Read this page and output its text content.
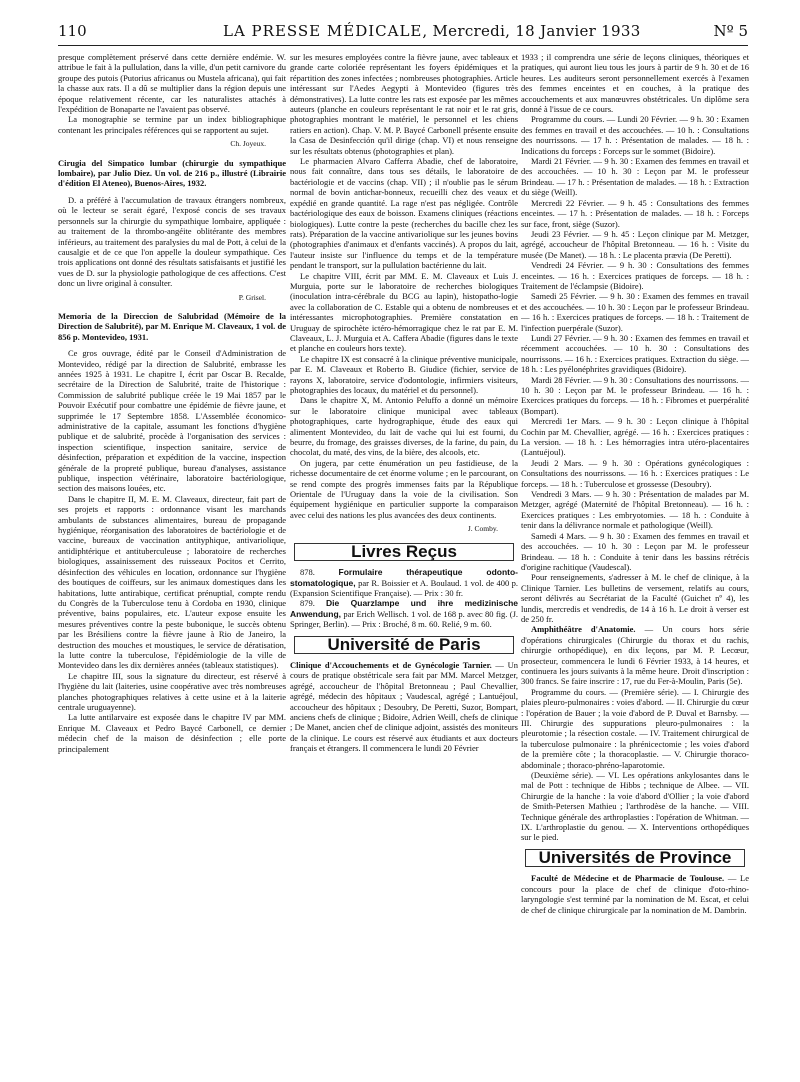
110	LA PRESSE MÉDICALE, Mercredi, 18 Janvier 1933	Nº 5

presque complètement préservé dans cette dernière endémie. W. attribue le fait à la pullulation, dans la ville, d'un petit carnivore du groupe des putois (Putorius africanus ou Mustela africana), qui fait la chasse aux rats. Il a dû se multiplier dans la région depuis une époque relativement récente, car les naturalistes attachés à l'expédition de Bonaparte ne l'avaient pas observé.

La monographie se termine par un index bibliographique contenant les principales références qui se rapportent au sujet.

Ch. Joyeux.

Cirugia del Simpatico lumbar (chirurgie du sympathique lombaire), par Julio Diez. Un vol. de 216 p., illustré (Librairie d'édition El Ateneo), Buenos-Aires, 1932.

D. a préféré à l'accumulation de travaux étrangers nombreux, où le lecteur se serait égaré, l'exposé concis de ses travaux personnels sur la chirurgie du sympathique lombaire, appliquée : au traitement de la thrombo-angéite oblitérante des membres inférieurs, au traitement des paralysies du mal de Pott, à celui de la causalgie et de ce que l'on appelle la douleur sympathique. Ces trois applications ont donné des résultats satisfaisants et justifié les vues de D. sur la physiologie pathologique de ces affections. C'est donc un livre original à consulter.

P. Grisel.

Memoria de la Direccion de Salubridad (Mémoire de la Direction de Salubrité), par M. Enrique M. Claveaux, 1 vol. de 856 p. Montevideo, 1931.

Ce gros ouvrage, édité par le Conseil d'Administration de Montevideo, rédigé par la direction de Salubrité, embrasse les années 1925 à 1931. Le chapitre I, écrit par Oscar B. Recalde, secrétaire de la Direction de Salubrité, traite de l'historique : Commission de salubrité publique créée le 19 Mai 1857 par le Pouvoir Exécutif pour combattre une épidémie de fièvre jaune, et supprimée le 17 Septembre 1858. L'Assemblée économico-administrative de la capitale, assumant les fonctions d'hygiène publique et de salubrité, procède à l'organisation des services : inspection scientifique, inspection sanitaire, service de désinfection, préparation et expédition de la vaccine, inspection générale de la propreté publique, bureau d'analyses, assistance publique, inspection vétérinaire, laboratoire bactériologique, section des maisons louées, etc.

Dans le chapitre II, M. E. M. Claveaux, directeur, fait part de ses projets et rapports : ordonnance visant les marchands ambulants de substances alimentaires, bureau de propagande hygiénique, réorganisation des laboratoires de bactériologie et de vaccine, bureaux de vaccination antityphique, antivariolique, antidiphtérique et antituberculeuse ; laboratoire de recherches biologiques, assainissement des ruisseaux Pocitos et Cerrito, désinfection des véhicules en location, ordonnance sur l'hygiène des boutiques de coiffeurs, sur les animaux domestiques dans les habitations, lutte antirabique, certificat prénuptial, compte rendu du Congrès de la Tuberculose tenu à Cordoba en 1930, clinique préventive, bains populaires, etc. L'auteur expose ensuite les mesures préventives contre la peste bubonique, le succès obtenu par les Brésiliens contre la fièvre jaune à Rio de Janeiro, la destruction des mouches et moustiques, le service de dératisation, la lutte contre la tuberculose, l'épidémiologie de la ville de Montevideo dans les dix dernières années (tableaux statistiques).

Le chapitre III, sous la signature du directeur, est réservé à l'hygiène du lait (laiteries, usine coopérative avec très nombreuses planches photographiques relatives à cette usine et à la laiterie centrale uruguayenne).

La lutte antilarvaire est exposée dans le chapitre IV par MM. Enrique M. Claveaux et Pedro Baycé Carbonell, ce dernier médecin chef de la maison de désinfection ; elle porte principalement

sur les mesures employées contre la fièvre jaune, avec tableaux et grande carte coloriée représentant les foyers épidémiques et la répartition des zones infectées ; nombreuses photographies. Article intéressant sur l'Aedes Aegypti à Montevideo (figures très démonstratives). La lutte contre les rats est exposée par les mêmes auteurs (planche en couleurs représentant le rat noir et le rat gris, photographies montrant le matériel, le personnel et les chiens ratiers en action). Chap. V. M. P. Baycé Carbonell présente ensuite la Casa de Desinfección qu'il dirige (chap. VI) et nous renseigne sur les résultats obtenus (photographies et plan).

Le pharmacien Alvaro Cafferra Abadie, chef de laboratoire, nous fait connaître, dans tous ses détails, le laboratoire de bactériologie et de vaccins (chap. VII) ; il n'oublie pas le sérum normal de bovin antichar-bonneux, recueilli chez des veaux et expédié en grande quantité. La rage n'est pas négligée. Contrôle bactériologique des eaux de boisson. Examens cliniques (réactions biologiques). Lutte contre la peste (recherches du bacille chez les rats). Préparation de la vaccine antivariolique sur les jeunes bovins (photographies d'animaux et d'enfants vaccinés). A propos du lait, l'auteur insiste sur l'influence du temps et de la température pendant le transport, sur la pullulation bactérienne du lait.

Le chapitre VIII, écrit par MM. E. M. Claveaux et Luis J. Murguia, porte sur le laboratoire de recherches biologiques (inoculation intra-cérébrale du BCG au lapin), histopatho-logie avec la collaboration de C. Estable qui a obtenu de nombreuses et intéressantes microphotographies. Première constatation en Uruguay de spirochète ictéro-hémorragique chez le rat par E. M. Claveaux, L. J. Murguia et A. Caffera Abadie (figures dans le texte et planche en couleurs hors texte).

Le chapitre IX est consacré à la clinique préventive municipale, par E. M. Claveaux et Roberto B. Giudice (fichier, service de rayons X, laboratoire, service d'odontologie, infirmiers visiteurs, photographies des locaux, du matériel et du personnel).

Dans le chapitre X, M. Antonio Peluffo a donné un mémoire sur le laboratoire clinique municipal avec tableaux photographiques, carte hydrographique, étude des eaux qui alimentent Montevideo, du lait de vache qui lui est fourni, du beurre, du fromage, des graisses diverses, de la farine, du pain, du chocolat, du maté, des vins, de la bière, des alcools, etc.

On jugera, par cette énumération un peu fastidieuse, de la richesse documentaire de cet énorme volume ; en le parcourant, on se rend compte des progrès immenses faits par la République Orientale de l'Uruguay dans la voie de la civilisation. Son équipement hygiénique en particulier supporte la comparaison avec celui des nations les plus avancées des deux continents.

J. Comby.

Livres Reçus

878.	Formulaire thérapeutique odonto-stomatologique, par R. Boissier et A. Boulaud. 1 vol. de 400 p. (Expansion Scientifique Française). — Prix : 30 fr.

879. Die Quarzlampe und ihre medizinische Anwendung, par Erich Wellisch. 1 vol. de 168 p. avec 80 fig. (J. Springer, Berlin). — Prix : Broché, 8 m. 60. Relié, 9 m. 60.

Université de Paris

Clinique d'Accouchements et de Gynécologie Tarnier. — Un cours de pratique obstétricale sera fait par MM. Marcel Metzger, agrégé, accoucheur de l'hôpital Bretonneau ; Paul Chevallier, agrégé, médecin des hôpitaux ; Vaudescal, agrégé ; Lantuéjoul, accoucheur des hôpitaux ; Desoubry, De Peretti, Suzor, Bompart, anciens chefs de clinique ; Bidoire, Adrien Weill, chefs de clinique ; De Manet, ancien chef de clinique adjoint, assistés des moniteurs de la clinique. Le cours est réservé aux étudiants et aux docteurs français et étrangers. Il commencera le lundi 20 Février

1933 ; il comprendra une série de leçons cliniques, théoriques et pratiques, qui auront lieu tous les jours à partir de 9 h. 30 et de 16 heures. Les auditeurs seront personnellement exercés à l'examen des femmes enceintes et en couches, à la pratique des accouchements et aux manœuvres obstétricales. Un diplôme sera donné à l'issue de ce cours.

Programme du cours. — Lundi 20 Février. — 9 h. 30 : Examen des femmes en travail et des accouchées. — 10 h. : Consultations des nourrissons. — 17 h. : Présentation de malades. — 18 h. : Indications du forceps : Forceps sur le sommet (Bidoire).

Mardi 21 Février. — 9 h. 30 : Examen des femmes en travail et des accouchées. — 10 h. 30 : Leçon par M. le professeur Brindeau. — 17 h. : Présentation de malades. — 18 h. : Extraction du siège (Weill).

Mercredi 22 Février. — 9 h. 45 : Consultations des femmes enceintes. — 17 h. : Présentation de malades. — 18 h. : Forceps sur face, front, siège (Suzor).

Jeudi 23 Février. — 9 h. 45 : Leçon clinique par M. Metzger, agrégé, accoucheur de l'hôpital Bretonneau. — 16 h. : Visite du musée (De Manet). — 18 h. : Le placenta prævia (De Peretti).

Vendredi 24 Février. — 9 h. 30 : Consultations des femmes enceintes. — 16 h. : Exercices pratiques de forceps. — 18 h. : Traitement de l'éclampsie (Bidoire).

Samedi 25 Février. — 9 h. 30 : Examen des femmes en travail et des accouchées. — 10 h. 30 : Leçon par le professeur Brindeau. — 16 h. : Exercices pratiques de forceps. — 18 h. : Traitement de l'infection puerpérale (Suzor).

Lundi 27 Février. — 9 h. 30 : Examen des femmes en travail et récemment accouchées. — 10 h. 30 : Consultations des nourrissons. — 16 h. : Exercices pratiques. Extraction du siège. — 18 h. : Les pyélonéphrites gravidiques (Bidoire).

Mardi 28 Février. — 9 h. 30 : Consultations des nourrissons. — 10 h. 30 : Leçon par M. le professeur Brindeau. — 16 h. : Exercices pratiques du forceps. — 18 h. : Fibromes et puerpéralité (Bompart).

Mercredi 1er Mars. — 9 h. 30 : Leçon clinique à l'hôpital Cochin par M. Chevallier, agrégé. — 16 h. : Exercices pratiques : La version. — 18 h. : Les hémorragies intra utéro-placentaires (Lantuéjoul).

Jeudi 2 Mars. — 9 h. 30 : Opérations gynécologiques : Consultations des nourrissons. — 16 h. : Exercices pratiques : Le forceps. — 18 h. : Tuberculose et grossesse (Desoubry).

Vendredi 3 Mars. — 9 h. 30 : Présentation de malades par M. Metzger, agrégé (Maternité de l'hôpital Bretonneau). — 16 h. : Exercices pratiques : Les embryotomies. — 18 h. : Conduite à tenir dans la délivrance normale et pathologique (Weill).

Samedi 4 Mars. — 9 h. 30 : Examen des femmes en travail et des accouchées. — 10 h. 30 : Leçon par M. le professeur Brindeau. — 18 h. : Conduite à tenir dans les bassins rétrécis d'origine rachitique (Vaudescal).

Pour renseignements, s'adresser à M. le chef de clinique, à la Clinique Tarnier. Les bulletins de versement, relatifs au cours, seront délivrés au Secrétariat de la Faculté (Guichet nº 4), les lundis, mercredis et vendredis, de 14 à 16 h. Le droit à verser est de 250 fr.

Amphithéâtre d'Anatomie. — Un cours hors série d'opérations chirurgicales (Chirurgie du thorax et du rachis, chirurgie orthopédique), en dix leçons, par M. P. Lecœur, prosecteur, commencera le lundi 6 Février 1933, à 14 heures, et continuera les jours suivants à la même heure. Droit d'inscription : 300 francs. Se faire inscrire : 17, rue du Fer-à-Moulin, Paris (5e).

Programme du cours. — (Première série). — I. Chirurgie des plaies pleuro-pulmonaires : voies d'abord. — II. Chirurgie du cœur : l'opération de Bauer ; la voie d'abord de P. Duval et Barnsby. — III. Chirurgie des suppurations pleuro-pulmonaires : la pleurotomie ; la résection costale. — IV. Traitement chirurgical de la tuberculose pulmonaire : la phrénicectomie ; les voies d'abord de la première côte ; la thoracoplastie. — V. Chirurgie thoraco-abdominale ; thoraco-phréno-laparotomie.

(Deuxième série). — VI. Les opérations ankylosantes dans le mal de Pott : technique de Hibbs ; technique de Albee. — VII. Chirurgie de la hanche : la voie d'abord d'Ollier ; la voie d'abord de Smith-Petersen Mathieu ; l'arthrodèse de la hanche. — VIII. Technique générale des arthroplasties : l'opération de Whitman. — IX. L'arthroplastie du genou. — X. Interventions orthopédiques sur le pied.

Universités de Province

Faculté de Médecine et de Pharmacie de Toulouse. — Le concours pour la place de chef de clinique d'oto-rhino-laryngologie s'est terminé par la nomination de M. Escat, et celui de chef de clinique chirurgicale par la nomination de M. Dambrin.
